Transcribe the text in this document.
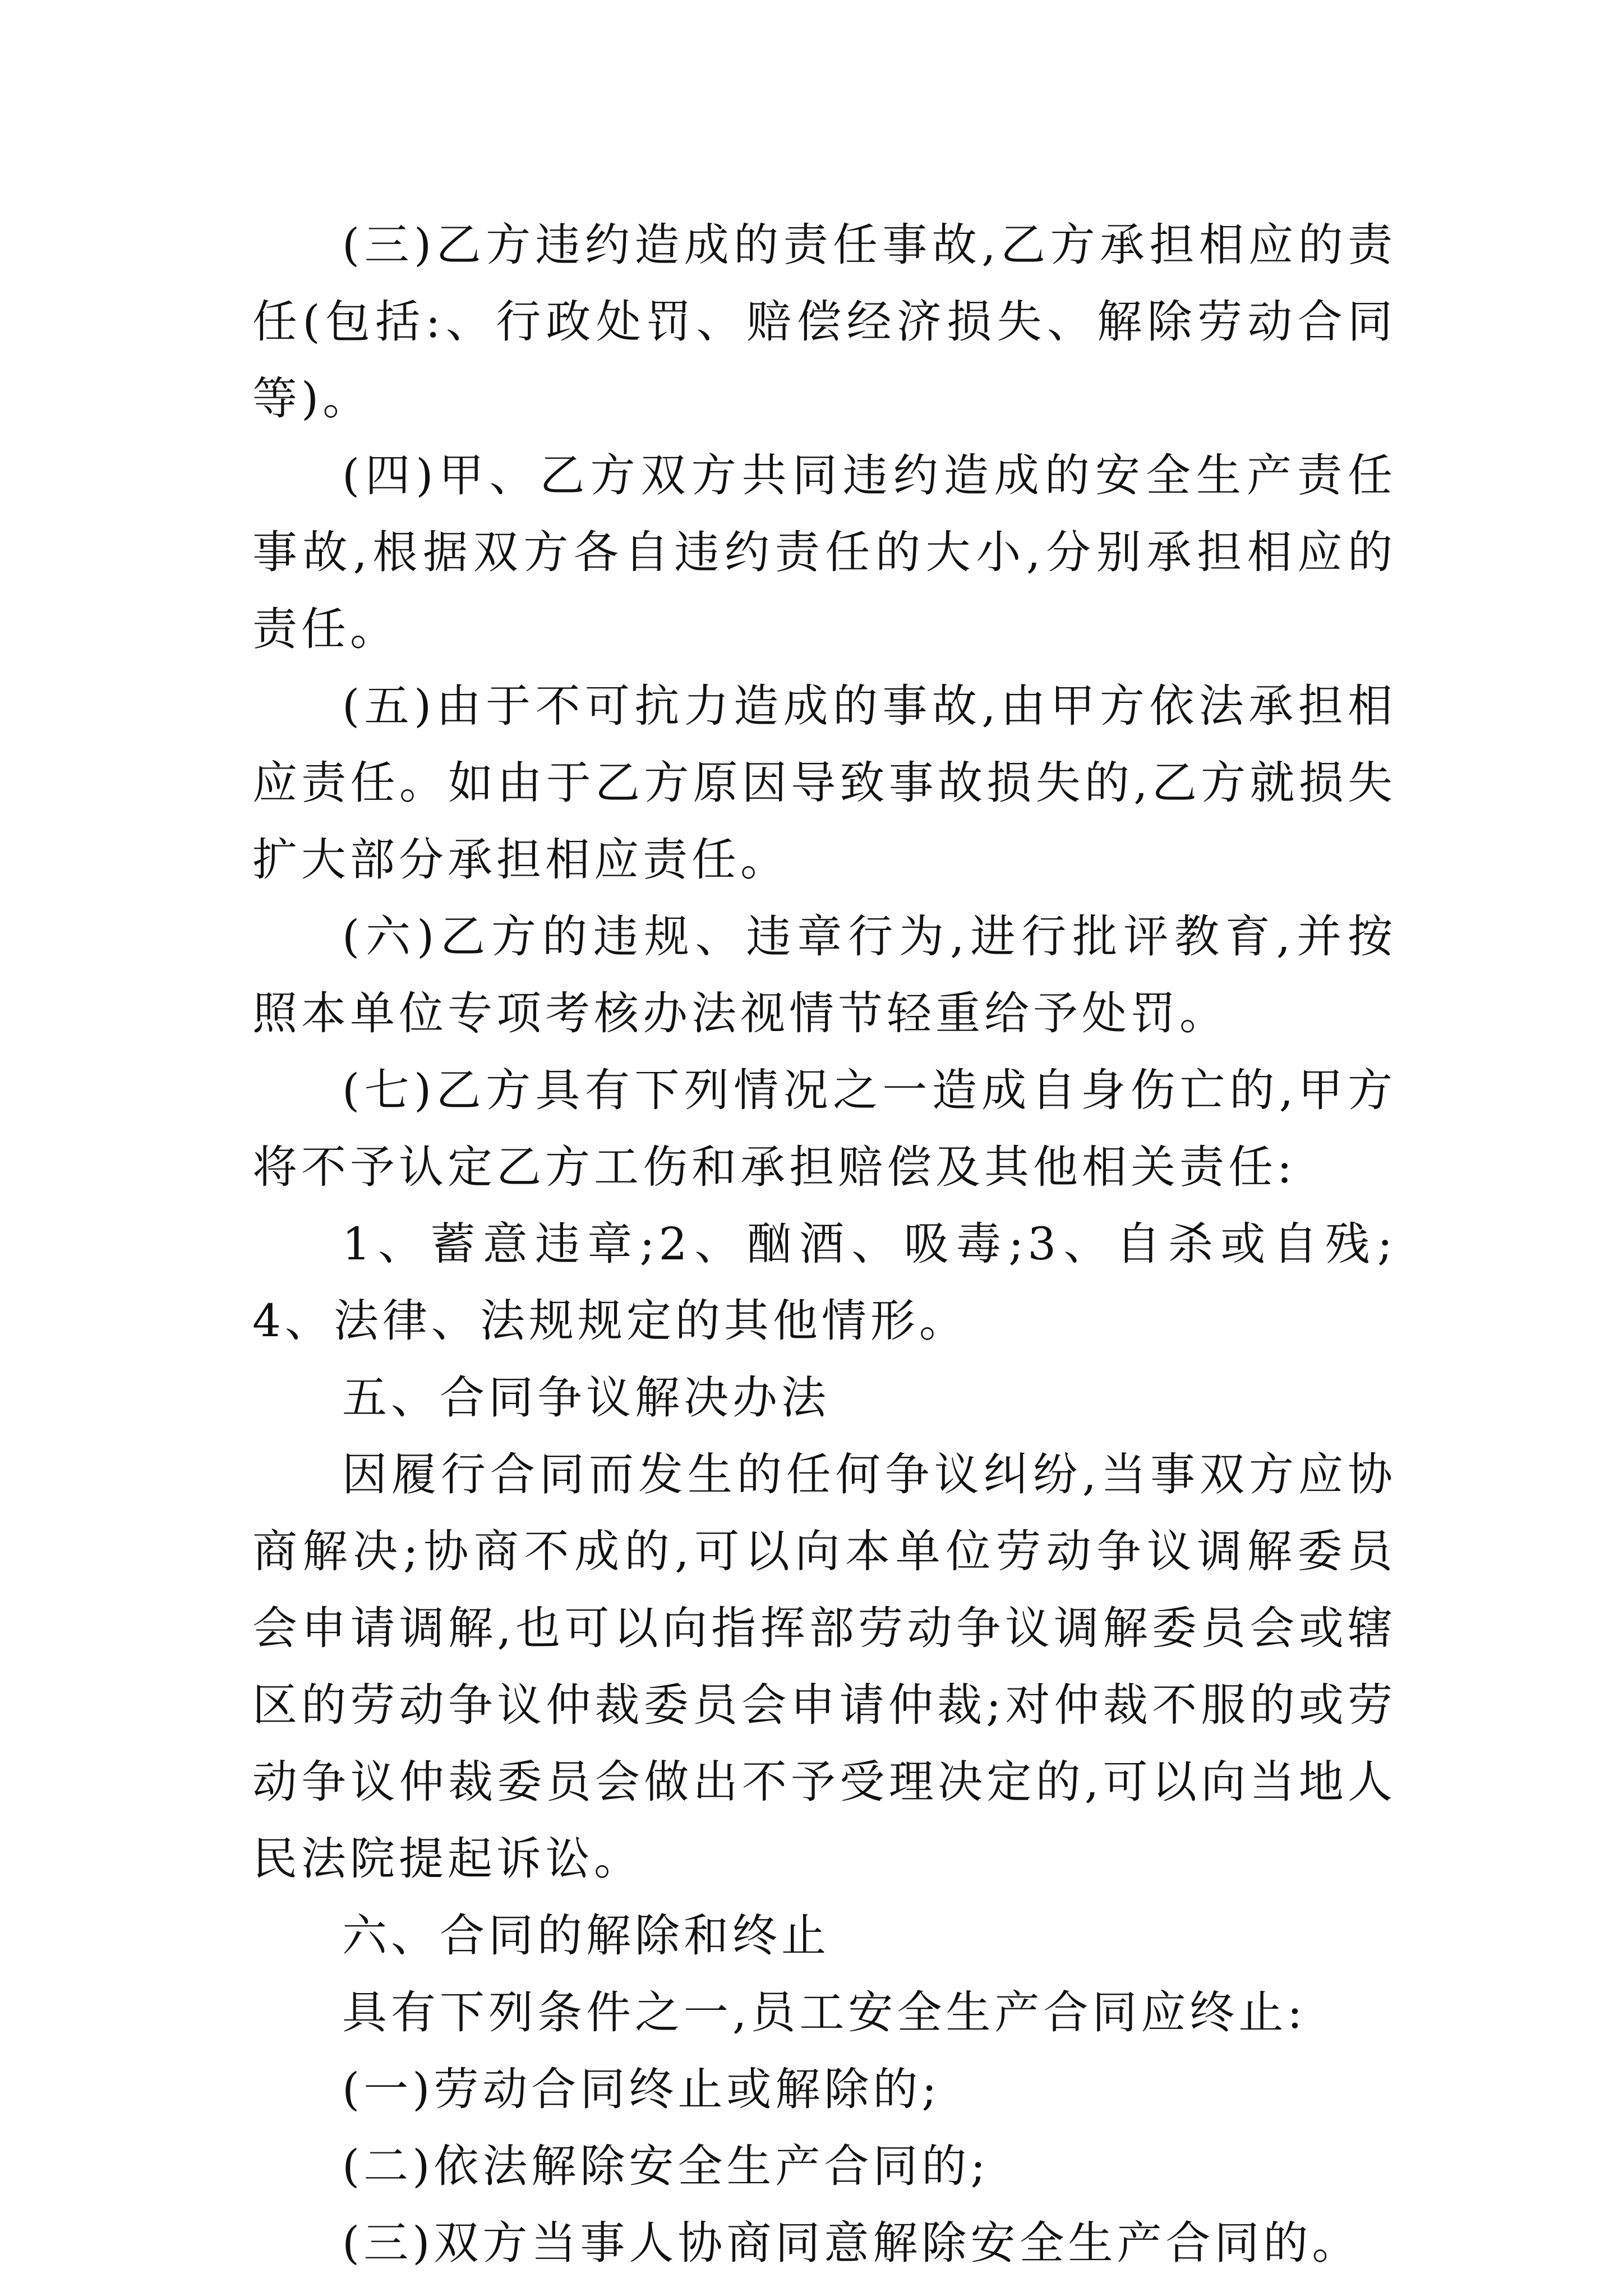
(三)乙方违约造成的责任事故,乙方承担相应的责任(包括:、行政处罚、赔偿经济损失、解除劳动合同等)。

(四)甲、乙方双方共同违约造成的安全生产责任事故,根据双方各自违约责任的大小,分别承担相应的责任。

(五)由于不可抗力造成的事故,由甲方依法承担相应责任。如由于乙方原因导致事故损失的,乙方就损失扩大部分承担相应责任。

(六)乙方的违规、违章行为,进行批评教育,并按照本单位专项考核办法视情节轻重给予处罚。

(七)乙方具有下列情况之一造成自身伤亡的,甲方将不予认定乙方工伤和承担赔偿及其他相关责任:

1、蓄意违章;2、酗酒、吸毒;3、自杀或自残;4、法律、法规规定的其他情形。

五、合同争议解决办法

因履行合同而发生的任何争议纠纷,当事双方应协商解决;协商不成的,可以向本单位劳动争议调解委员会申请调解,也可以向指挥部劳动争议调解委员会或辖区的劳动争议仲裁委员会申请仲裁;对仲裁不服的或劳动争议仲裁委员会做出不予受理决定的,可以向当地人民法院提起诉讼。

六、合同的解除和终止

具有下列条件之一,员工安全生产合同应终止:

(一)劳动合同终止或解除的;

(二)依法解除安全生产合同的;

(三)双方当事人协商同意解除安全生产合同的。
